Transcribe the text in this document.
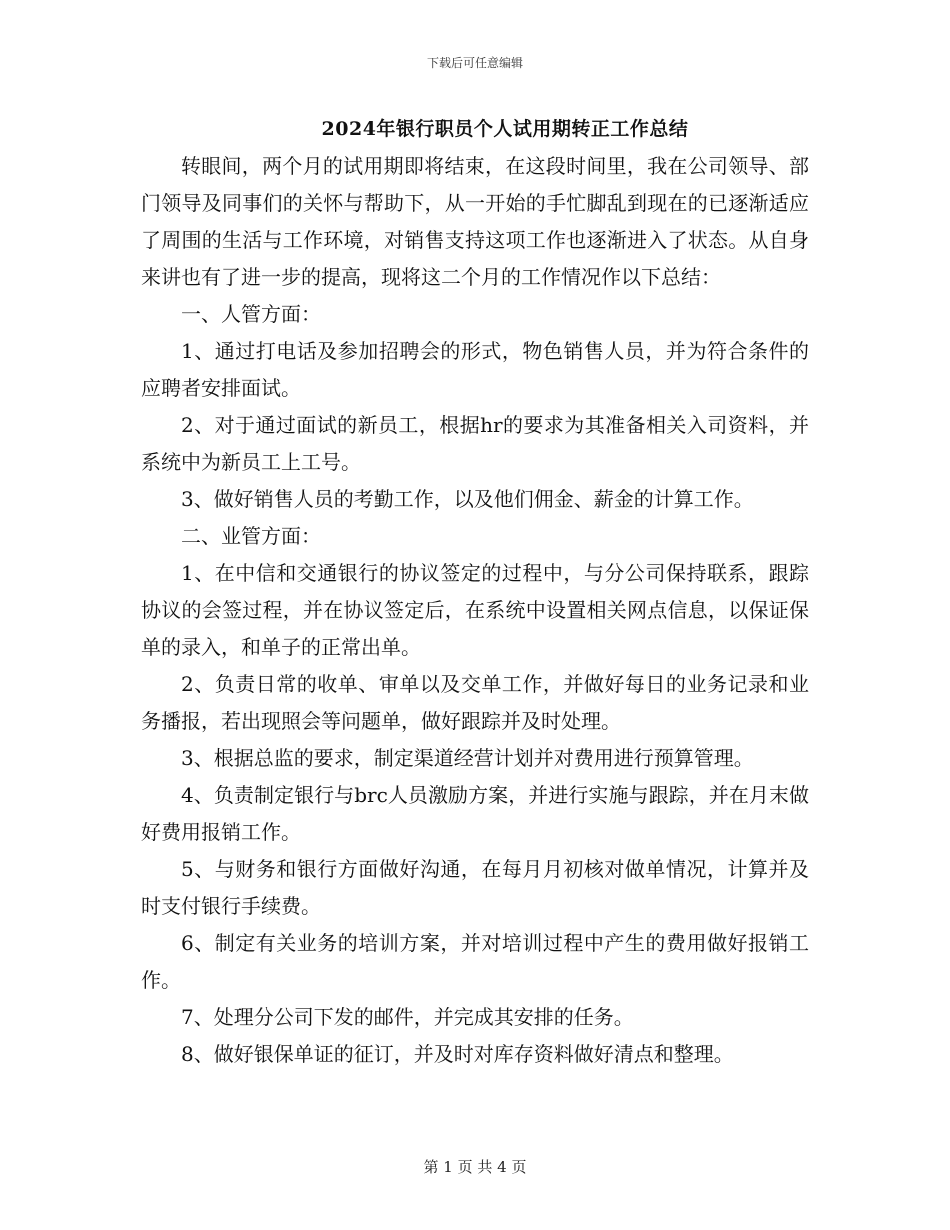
下载后可任意编辑
2024年银行职员个人试用期转正工作总结

转眼间，两个月的试用期即将结束，在这段时间里，我在公司领导、部门领导及同事们的关怀与帮助下，从一开始的手忙脚乱到现在的已逐渐适应了周围的生活与工作环境，对销售支持这项工作也逐渐进入了状态。从自身来讲也有了进一步的提高，现将这二个月的工作情况作以下总结：

一、人管方面：

1、通过打电话及参加招聘会的形式，物色销售人员，并为符合条件的应聘者安排面试。

2、对于通过面试的新员工，根据hr的要求为其准备相关入司资料，并系统中为新员工上工号。

3、做好销售人员的考勤工作，以及他们佣金、薪金的计算工作。

二、业管方面：

1、在中信和交通银行的协议签定的过程中，与分公司保持联系，跟踪协议的会签过程，并在协议签定后，在系统中设置相关网点信息，以保证保单的录入，和单子的正常出单。

2、负责日常的收单、审单以及交单工作，并做好每日的业务记录和业务播报，若出现照会等问题单，做好跟踪并及时处理。

3、根据总监的要求，制定渠道经营计划并对费用进行预算管理。

4、负责制定银行与brc人员激励方案，并进行实施与跟踪，并在月末做好费用报销工作。

5、与财务和银行方面做好沟通，在每月月初核对做单情况，计算并及时支付银行手续费。

6、制定有关业务的培训方案，并对培训过程中产生的费用做好报销工作。

7、处理分公司下发的邮件，并完成其安排的任务。

8、做好银保单证的征订，并及时对库存资料做好清点和整理。

第 1 页 共 4 页
